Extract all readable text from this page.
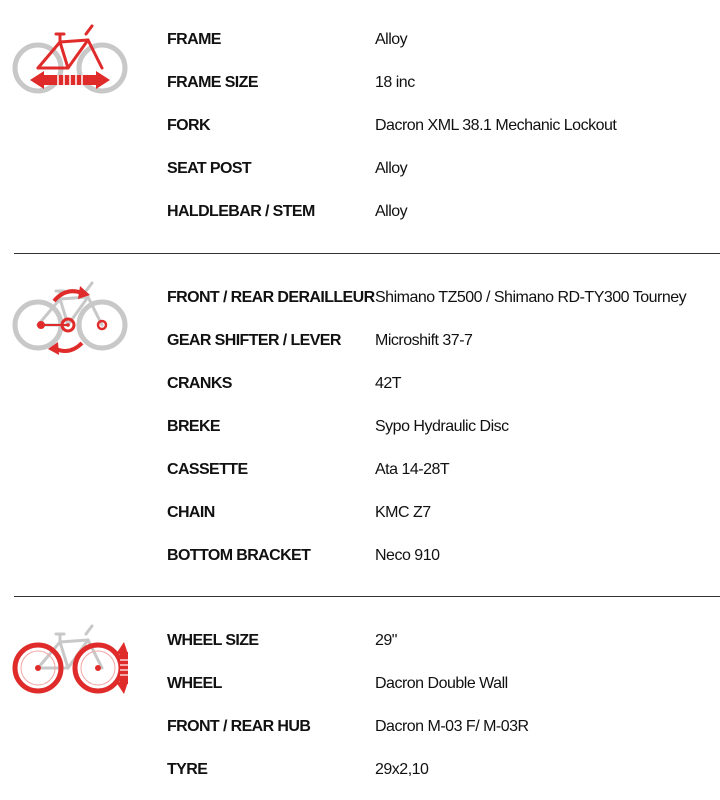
FRAME	Alloy
FRAME SIZE	18 inc
FORK	Dacron XML 38.1 Mechanic Lockout
SEAT POST	Alloy
HALDLEBAR / STEM	Alloy
FRONT / REAR DERAILLEUR Shimano TZ500 / Shimano RD-TY300 Tourney
GEAR SHIFTER / LEVER Microshift 37-7
CRANKS	42T
BREKE	Sypo Hydraulic Disc
CASSETTE	Ata 14-28T
CHAIN	KMC Z7
BOTTOM BRACKET	Neco 910
WHEEL SIZE	29"
WHEEL	Dacron Double Wall
FRONT / REAR HUB	Dacron M-03 F/ M-03R
TYRE	29x2,10
